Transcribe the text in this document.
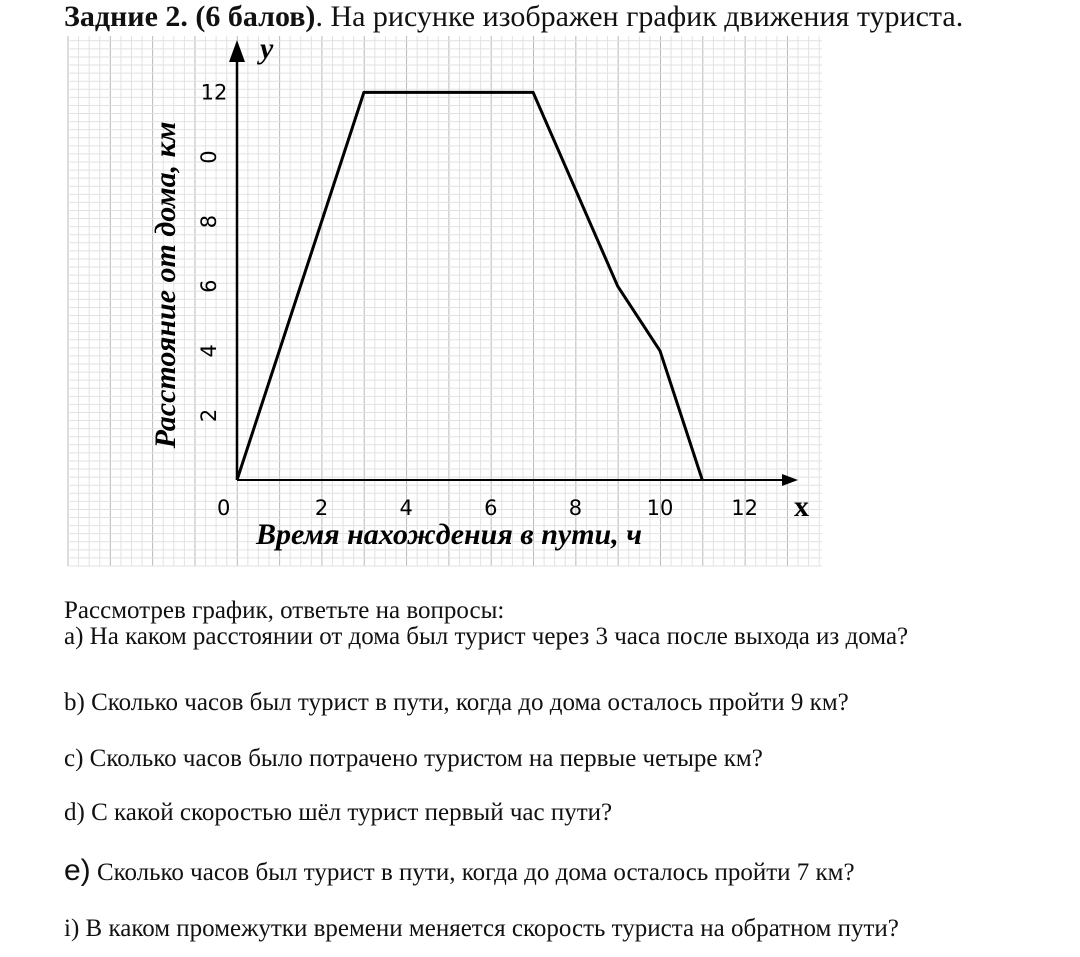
Задние 2. (6 балов). На рисунке изображен график движения туриста.
y
x
0
Время нахождения в пути, ч
Расстояние от дома, км
2	4	6	8	10	12
2
4
6
8
0
12

Рассмотрев график, ответьте на вопросы:

a) На каком расстоянии от дома был турист через 3 часа после выхода из дома?

b) Сколько часов был турист в пути, когда до дома осталось пройти 9 км?

c) Сколько часов было потрачено туристом на первые четыре км?

d) С какой скоростью шёл турист первый час пути?

e) Сколько часов был турист в пути, когда до дома осталось пройти 7 км?

i) В каком промежутки времени меняется скорость туриста на обратном пути?
